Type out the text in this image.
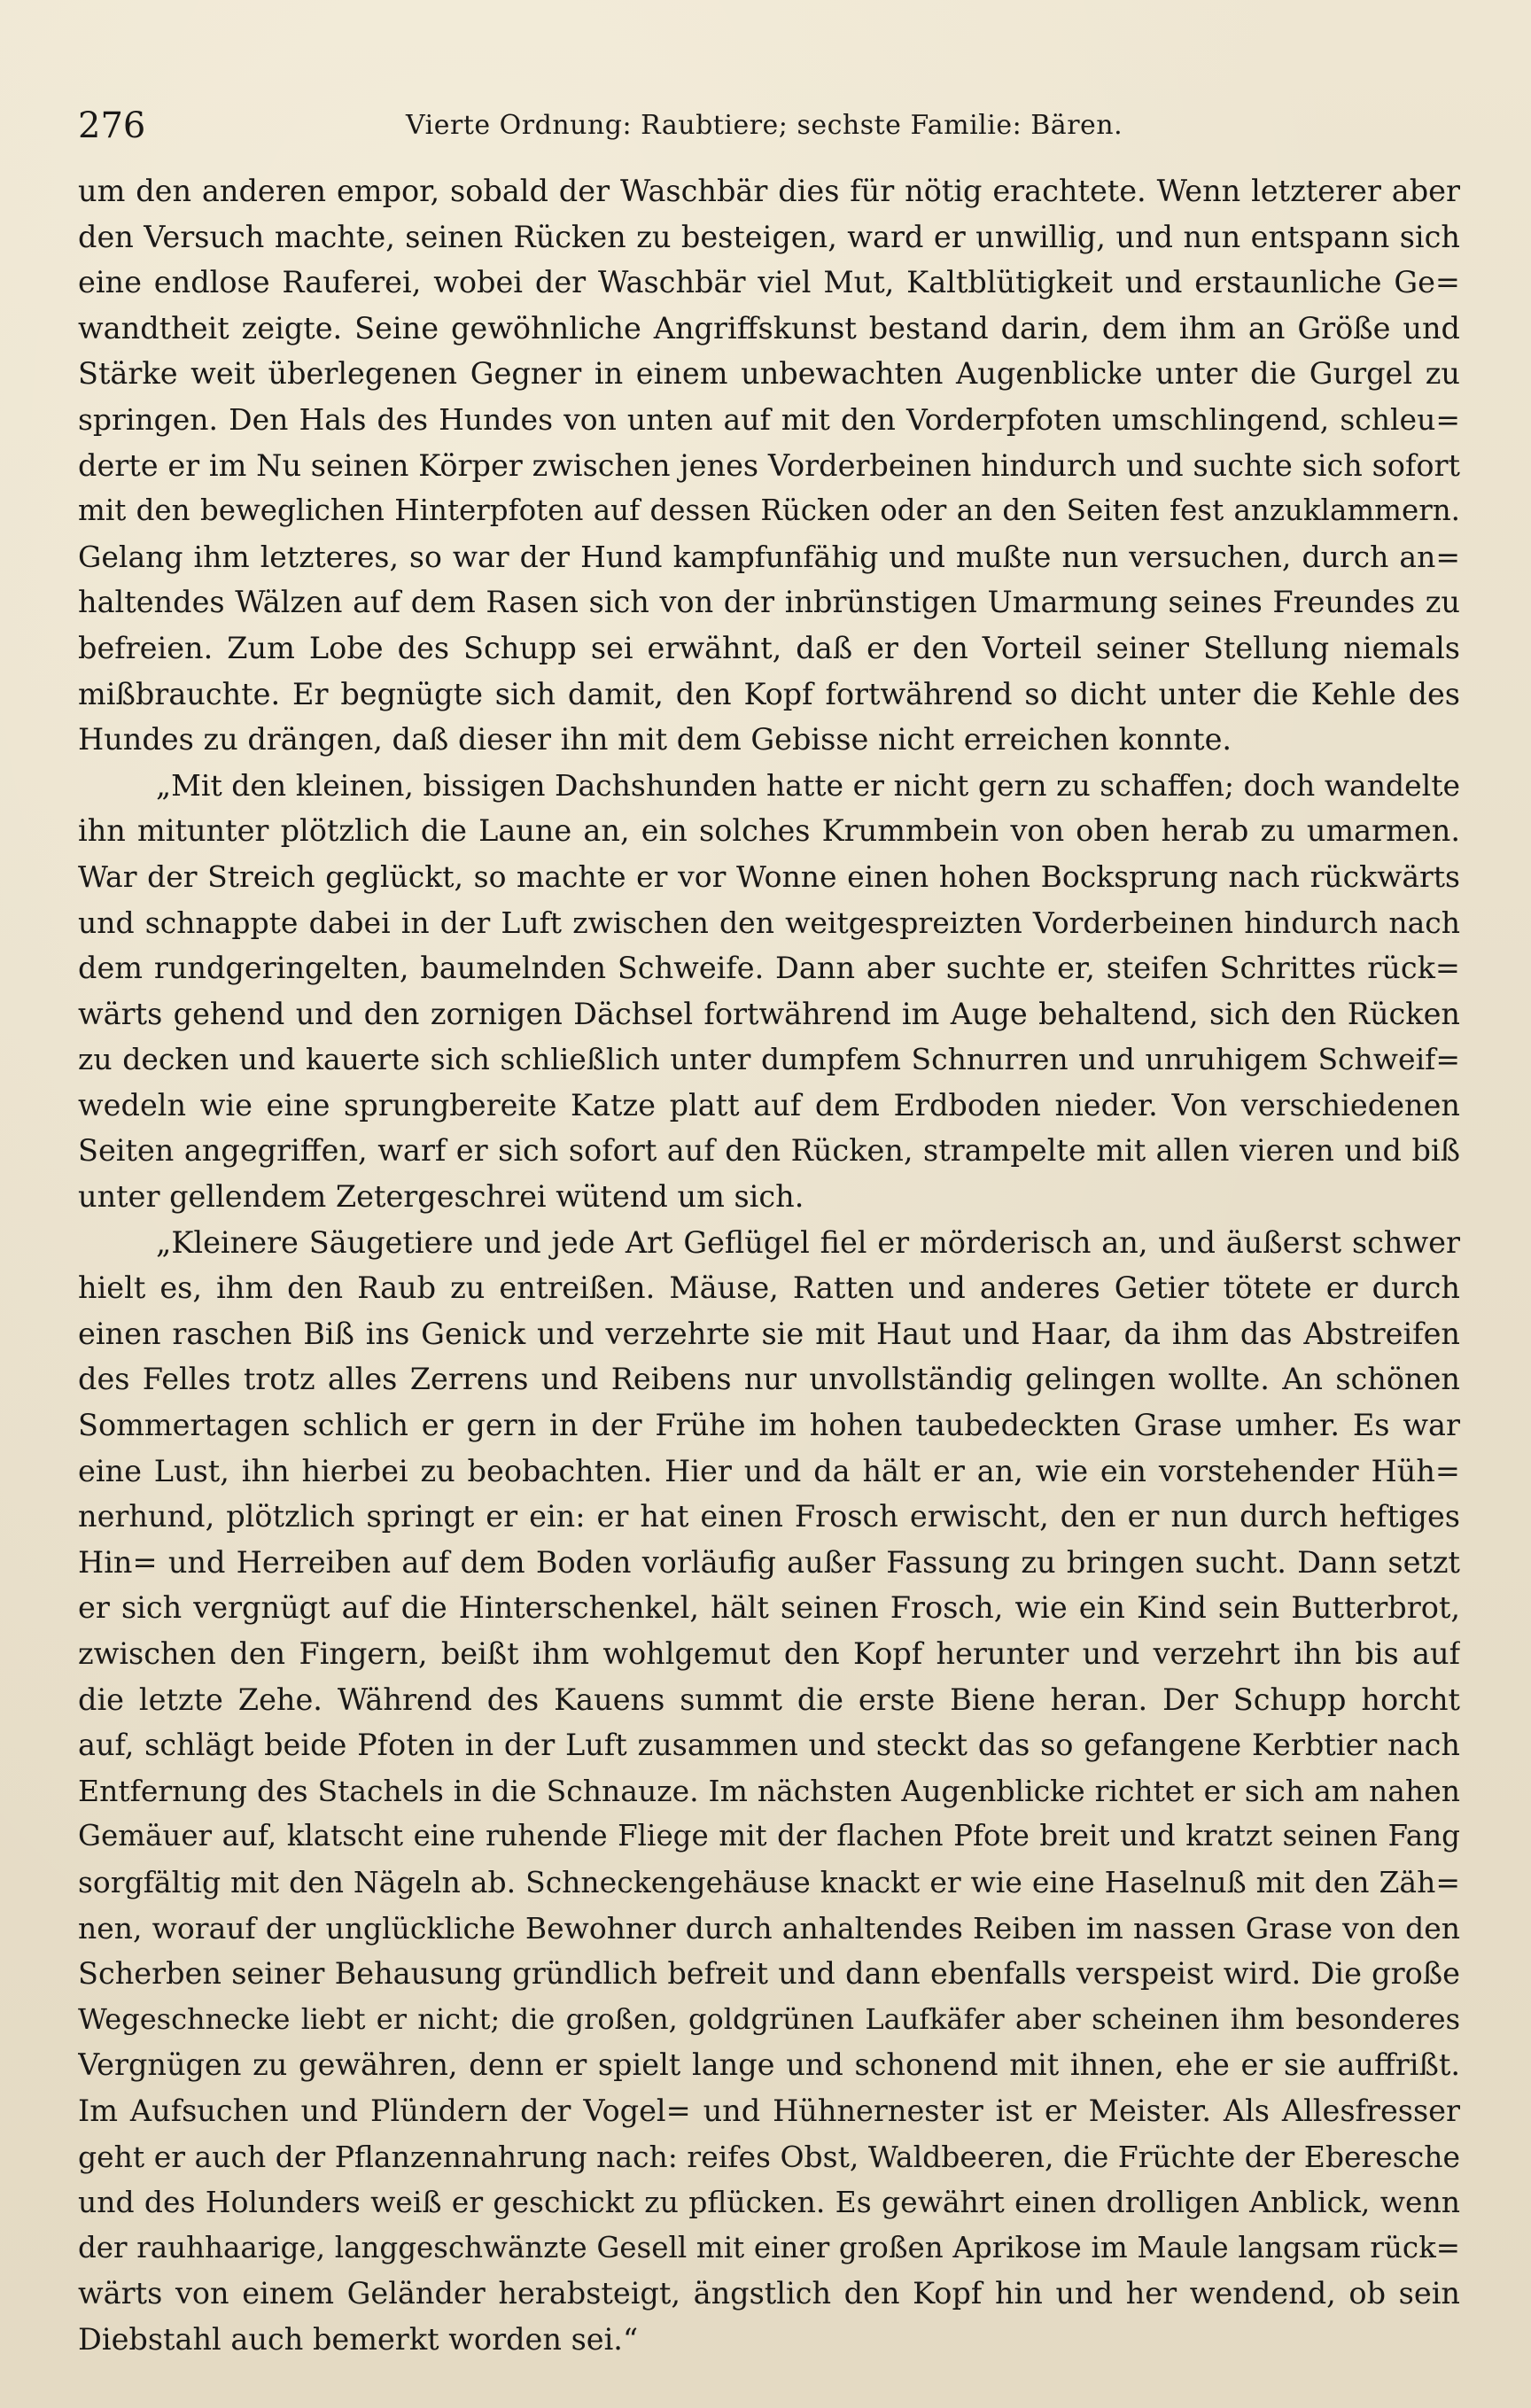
276	Vierte Ordnung: Raubtiere; sechste Familie: Bären.
um den anderen empor, sobald der Waschbär dies für nötig erachtete. Wenn letzterer aber
den Versuch machte, seinen Rücken zu besteigen, ward er unwillig, und nun entspann sich
eine endlose Rauferei, wobei der Waschbär viel Mut, Kaltblütigkeit und erstaunliche Ge=
wandtheit zeigte. Seine gewöhnliche Angriffskunst bestand darin, dem ihm an Größe und
Stärke weit überlegenen Gegner in einem unbewachten Augenblicke unter die Gurgel zu
springen. Den Hals des Hundes von unten auf mit den Vorderpfoten umschlingend, schleu=
derte er im Nu seinen Körper zwischen jenes Vorderbeinen hindurch und suchte sich sofort
mit den beweglichen Hinterpfoten auf dessen Rücken oder an den Seiten fest anzuklammern.
Gelang ihm letzteres, so war der Hund kampfunfähig und mußte nun versuchen, durch an=
haltendes Wälzen auf dem Rasen sich von der inbrünstigen Umarmung seines Freundes zu
befreien. Zum Lobe des Schupp sei erwähnt, daß er den Vorteil seiner Stellung niemals
mißbrauchte. Er begnügte sich damit, den Kopf fortwährend so dicht unter die Kehle des
Hundes zu drängen, daß dieser ihn mit dem Gebisse nicht erreichen konnte.
„Mit den kleinen, bissigen Dachshunden hatte er nicht gern zu schaffen; doch wandelte
ihn mitunter plötzlich die Laune an, ein solches Krummbein von oben herab zu umarmen.
War der Streich geglückt, so machte er vor Wonne einen hohen Bocksprung nach rückwärts
und schnappte dabei in der Luft zwischen den weitgespreizten Vorderbeinen hindurch nach
dem rundgeringelten, baumelnden Schweife. Dann aber suchte er, steifen Schrittes rück=
wärts gehend und den zornigen Dächsel fortwährend im Auge behaltend, sich den Rücken
zu decken und kauerte sich schließlich unter dumpfem Schnurren und unruhigem Schweif=
wedeln wie eine sprungbereite Katze platt auf dem Erdboden nieder. Von verschiedenen
Seiten angegriffen, warf er sich sofort auf den Rücken, strampelte mit allen vieren und biß
unter gellendem Zetergeschrei wütend um sich.
„Kleinere Säugetiere und jede Art Geflügel fiel er mörderisch an, und äußerst schwer
hielt es, ihm den Raub zu entreißen. Mäuse, Ratten und anderes Getier tötete er durch
einen raschen Biß ins Genick und verzehrte sie mit Haut und Haar, da ihm das Abstreifen
des Felles trotz alles Zerrens und Reibens nur unvollständig gelingen wollte. An schönen
Sommertagen schlich er gern in der Frühe im hohen taubedeckten Grase umher. Es war
eine Lust, ihn hierbei zu beobachten. Hier und da hält er an, wie ein vorstehender Hüh=
nerhund, plötzlich springt er ein: er hat einen Frosch erwischt, den er nun durch heftiges
Hin= und Herreiben auf dem Boden vorläufig außer Fassung zu bringen sucht. Dann setzt
er sich vergnügt auf die Hinterschenkel, hält seinen Frosch, wie ein Kind sein Butterbrot,
zwischen den Fingern, beißt ihm wohlgemut den Kopf herunter und verzehrt ihn bis auf
die letzte Zehe. Während des Kauens summt die erste Biene heran. Der Schupp horcht
auf, schlägt beide Pfoten in der Luft zusammen und steckt das so gefangene Kerbtier nach
Entfernung des Stachels in die Schnauze. Im nächsten Augenblicke richtet er sich am nahen
Gemäuer auf, klatscht eine ruhende Fliege mit der flachen Pfote breit und kratzt seinen Fang
sorgfältig mit den Nägeln ab. Schneckengehäuse knackt er wie eine Haselnuß mit den Zäh=
nen, worauf der unglückliche Bewohner durch anhaltendes Reiben im nassen Grase von den
Scherben seiner Behausung gründlich befreit und dann ebenfalls verspeist wird. Die große
Wegeschnecke liebt er nicht; die großen, goldgrünen Laufkäfer aber scheinen ihm besonderes
Vergnügen zu gewähren, denn er spielt lange und schonend mit ihnen, ehe er sie auffrißt.
Im Aufsuchen und Plündern der Vogel= und Hühnernester ist er Meister. Als Allesfresser
geht er auch der Pflanzennahrung nach: reifes Obst, Waldbeeren, die Früchte der Eberesche
und des Holunders weiß er geschickt zu pflücken. Es gewährt einen drolligen Anblick, wenn
der rauhhaarige, langgeschwänzte Gesell mit einer großen Aprikose im Maule langsam rück=
wärts von einem Geländer herabsteigt, ängstlich den Kopf hin und her wendend, ob sein
Diebstahl auch bemerkt worden sei.“
